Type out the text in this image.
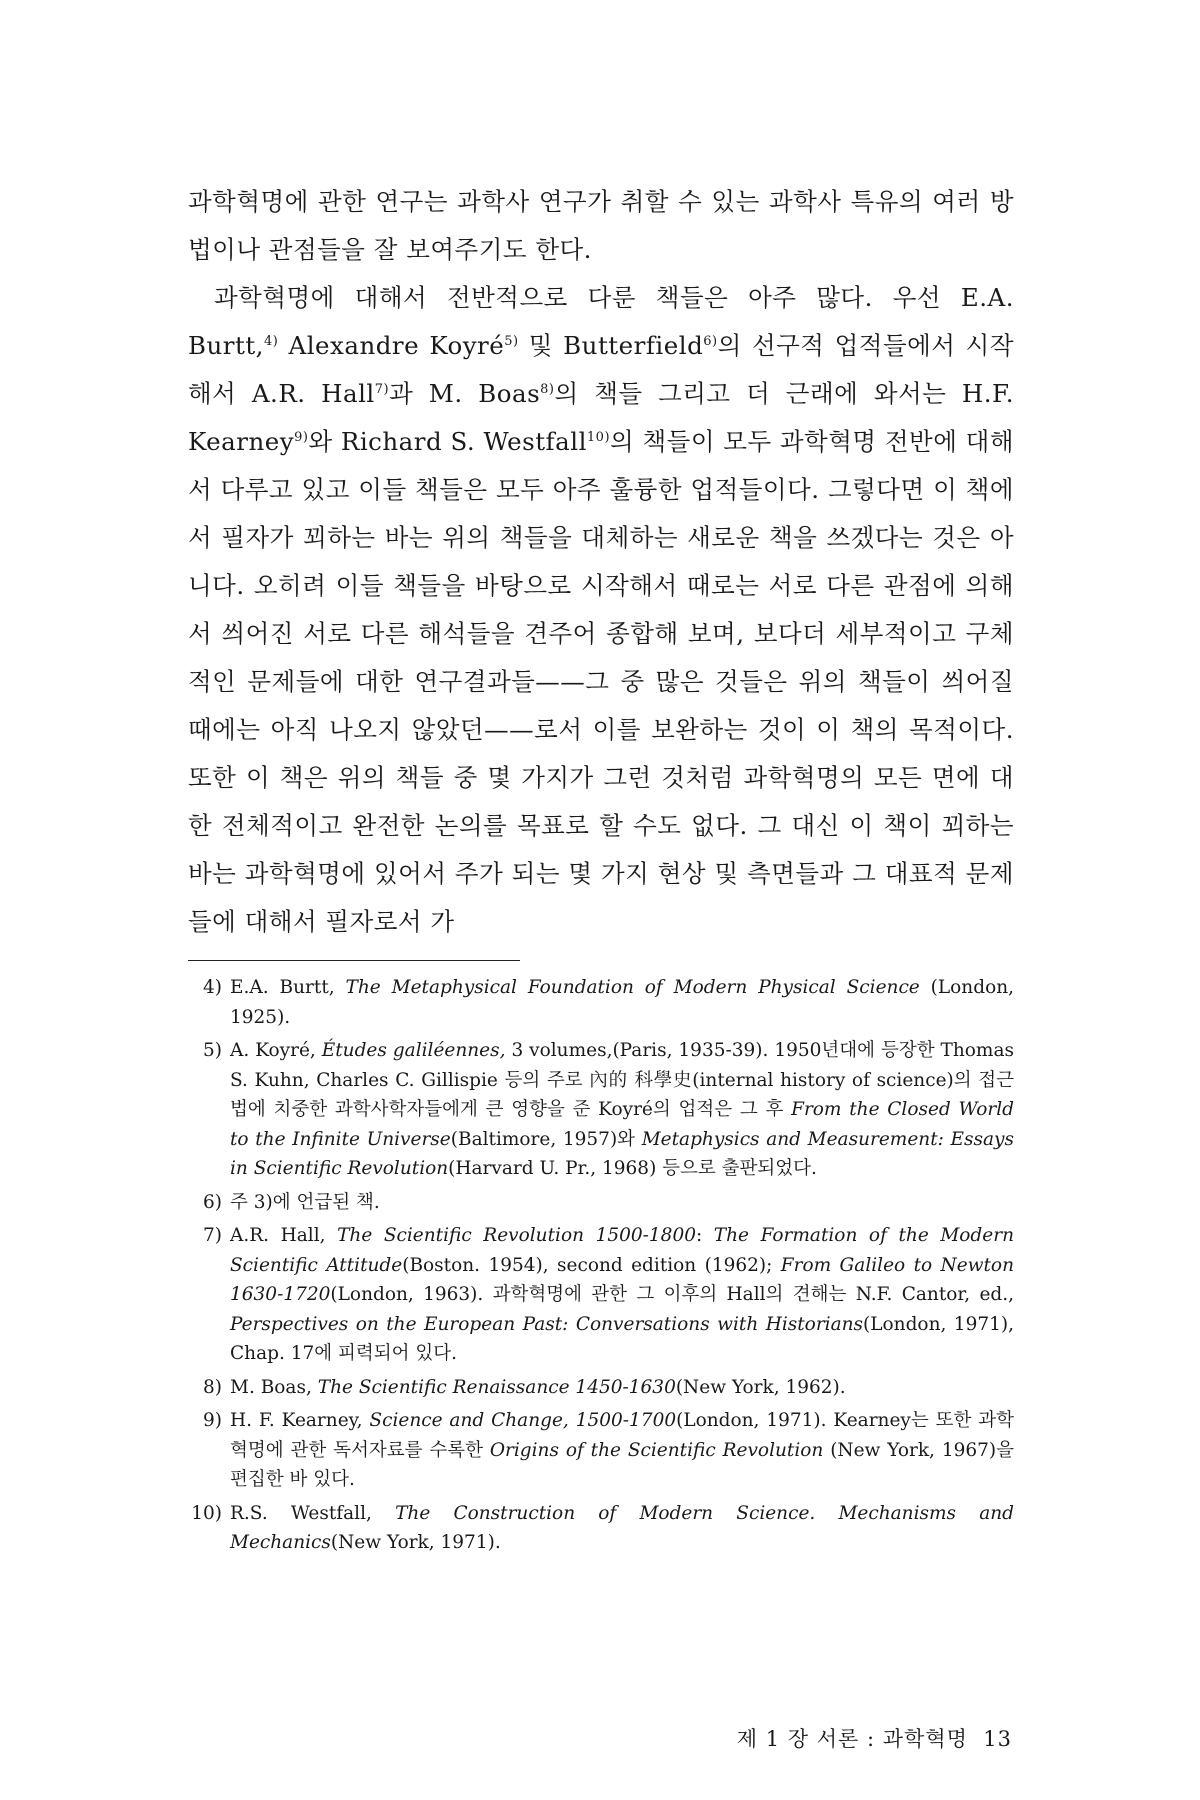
과학혁명에 관한 연구는 과학사 연구가 취할 수 있는 과학사 특유의 여러 방법이나 관점들을 잘 보여주기도 한다.

과학혁명에 대해서 전반적으로 다룬 책들은 아주 많다. 우선 E.A. Burtt,$^{4)}$ Alexandre Koyré$^{5)}$ 및 Butterfield$^{6)}$의 선구적 업적들에서 시작해서 A.R. Hall$^{7)}$과 M. Boas$^{8)}$의 책들 그리고 더 근래에 와서는 H.F. Kearney$^{9)}$와 Richard S. Westfall$^{10)}$의 책들이 모두 과학혁명 전반에 대해서 다루고 있고 이들 책들은 모두 아주 훌륭한 업적들이다. 그렇다면 이 책에서 필자가 꾀하는 바는 위의 책들을 대체하는 새로운 책을 쓰겠다는 것은 아니다. 오히려 이들 책들을 바탕으로 시작해서 때로는 서로 다른 관점에 의해서 씌어진 서로 다른 해석들을 견주어 종합해 보며, 보다더 세부적이고 구체적인 문제들에 대한 연구결과들——그 중 많은 것들은 위의 책들이 씌어질 때에는 아직 나오지 않았던——로서 이를 보완하는 것이 이 책의 목적이다. 또한 이 책은 위의 책들 중 몇 가지가 그런 것처럼 과학혁명의 모든 면에 대한 전체적이고 완전한 논의를 목표로 할 수도 없다. 그 대신 이 책이 꾀하는 바는 과학혁명에 있어서 주가 되는 몇 가지 현상 및 측면들과 그 대표적 문제들에 대해서 필자로서 가

4) E.A. Burtt, The Metaphysical Foundation of Modern Physical Science (London, 1925).
5) A. Koyré, Études galiléennes, 3 volumes,(Paris, 1935-39). 1950년대에 등장한 Thomas S. Kuhn, Charles C. Gillispie 등의 주로 內的 科學史(internal history of science)의 접근법에 치중한 과학사학자들에게 큰 영향을 준 Koyré의 업적은 그 후 From the Closed World to the Infinite Universe(Baltimore, 1957)와 Metaphysics and Measurement: Essays in Scientific Revolution(Harvard U. Pr., 1968) 등으로 출판되었다.
6) 주 3)에 언급된 책.
7) A.R. Hall, The Scientific Revolution 1500-1800: The Formation of the Modern Scientific Attitude(Boston. 1954), second edition (1962); From Galileo to Newton 1630-1720(London, 1963). 과학혁명에 관한 그 이후의 Hall의 견해는 N.F. Cantor, ed., Perspectives on the European Past: Conversations with Historians(London, 1971), Chap. 17에 피력되어 있다.
8) M. Boas, The Scientific Renaissance 1450-1630(New York, 1962).
9) H. F. Kearney, Science and Change, 1500-1700(London, 1971). Kearney는 또한 과학혁명에 관한 독서자료를 수록한 Origins of the Scientific Revolution (New York, 1967)을 편집한 바 있다.
10) R.S. Westfall, The Construction of Modern Science. Mechanisms and Mechanics(New York, 1971).
제 1 장 서론 : 과학혁명 13
